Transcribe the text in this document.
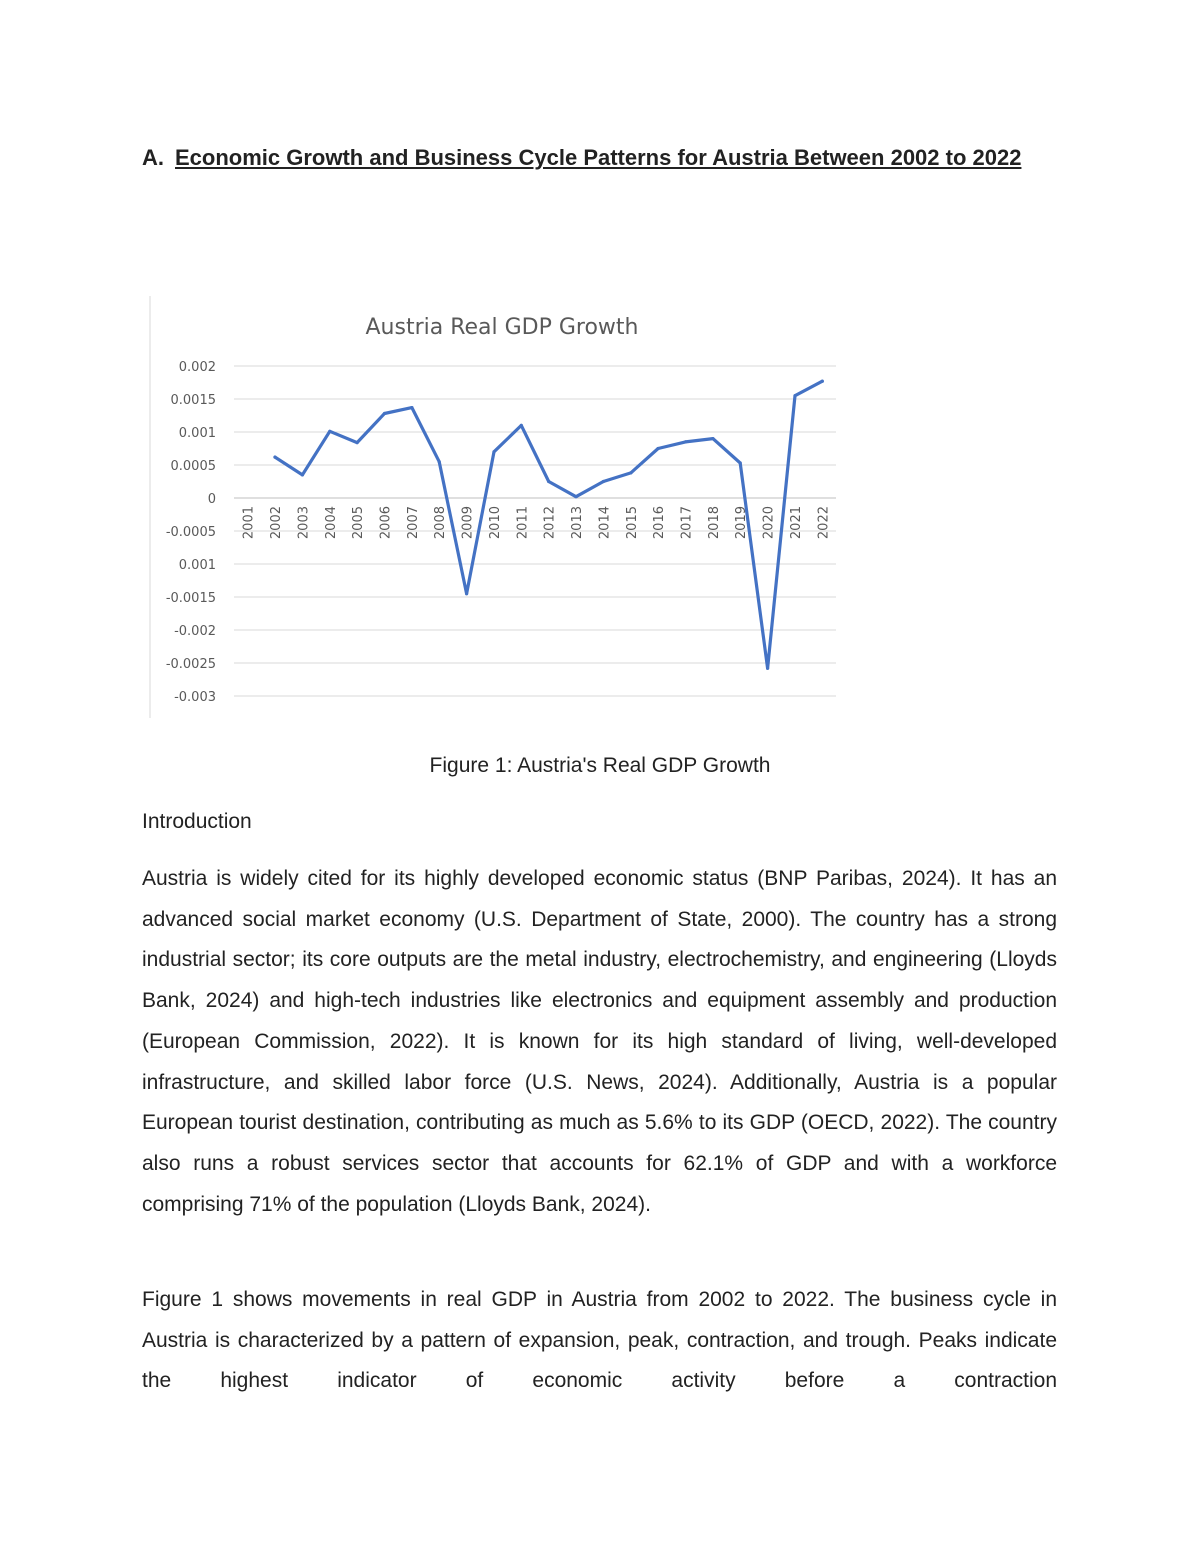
A. Economic Growth and Business Cycle Patterns for Austria Between 2002 to 2022
Austria Real GDP Growth
0.002
0.0015
0.001
0.0005
0
-0.0005
0.001
-0.0015
-0.002
-0.0025
-0.003
2001 2002 2003 2004 2005 2006 2007 2008 2009 2010 2011 2012 2013 2014 2015 2016 2017 2018 2019 2020 2021 2022
Figure 1: Austria's Real GDP Growth
Introduction

Austria is widely cited for its highly developed economic status (BNP Paribas, 2024). It has an advanced social market economy (U.S. Department of State, 2000). The country has a strong industrial sector; its core outputs are the metal industry, electrochemistry, and engineering (Lloyds Bank, 2024) and high-tech industries like electronics and equipment assembly and production (European Commission, 2022). It is known for its high standard of living, well-developed infrastructure, and skilled labor force (U.S. News, 2024). Additionally, Austria is a popular European tourist destination, contributing as much as 5.6% to its GDP (OECD, 2022). The country also runs a robust services sector that accounts for 62.1% of GDP and with a workforce comprising 71% of the population (Lloyds Bank, 2024).

Figure 1 shows movements in real GDP in Austria from 2002 to 2022. The business cycle in Austria is characterized by a pattern of expansion, peak, contraction, and trough. Peaks indicate the highest indicator of economic activity before a contraction
